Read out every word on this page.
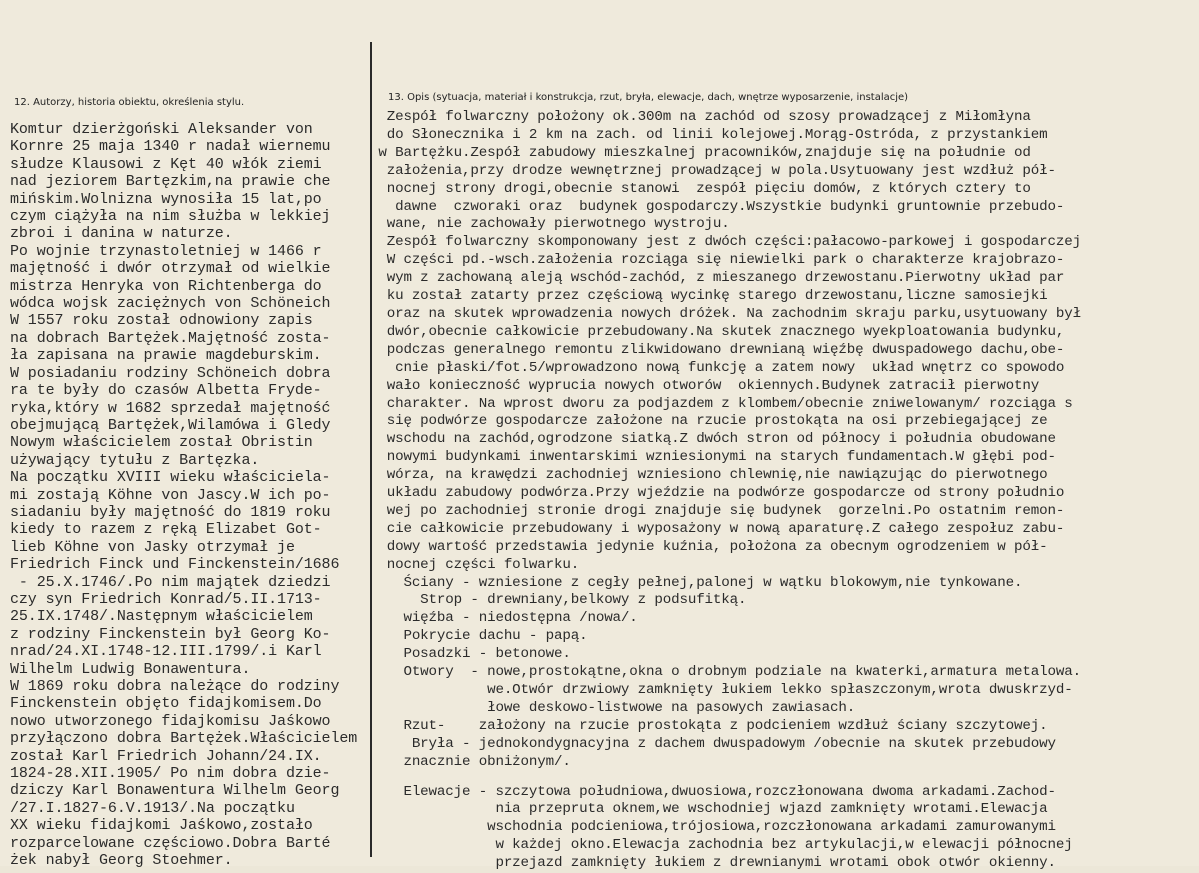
12. Autorzy, historia obiektu, określenia stylu.	13. Opis (sytuacja, materiał i konstrukcja, rzut, bryła, elewacje, dach, wnętrze wyposarzenie, instalacje)
Komtur dzierżgoński Aleksander von
Kornre 25 maja 1340 r nadał wiernemu
słudze Klausowi z Kęt 40 włók ziemi
nad jeziorem Bartęzkim,na prawie che
mińskim.Wolnizna wynosiła 15 lat,po
czym ciążyła na nim służba w lekkiej
zbroi i danina w naturze.
Po wojnie trzynastoletniej w 1466 r
majętność i dwór otrzymał od wielkie
mistrza Henryka von Richtenberga do
wódca wojsk zaciężnych von Schöneich
W 1557 roku został odnowiony zapis
na dobrach Bartężek.Majętność zosta-
ła zapisana na prawie magdeburskim.
W posiadaniu rodziny Schöneich dobra
ra te były do czasów Albetta Fryde-
ryka,który w 1682 sprzedał majętność
obejmującą Bartężek,Wilamówa i Gledy
Nowym właścicielem został Obristin
używający tytułu z Bartęzka.
Na początku XVIII wieku właściciela-
mi zostają Köhne von Jascy.W ich po-
siadaniu były majętność do 1819 roku
kiedy to razem z ręką Elizabet Got-
lieb Köhne von Jasky otrzymał je
Friedrich Finck und Finckenstein/1686
- 25.X.1746/.Po nim majątek dziedzi
czy syn Friedrich Konrad/5.II.1713-
25.IX.1748/.Następnym właścicielem
z rodziny Finckenstein był Georg Ko-
nrad/24.XI.1748-12.III.1799/.i Karl
Wilhelm Ludwig Bonawentura.
W 1869 roku dobra należące do rodziny
Finckenstein objęto fidajkomisem.Do
nowo utworzonego fidajkomisu Jaśkowo
przyłączono dobra Bartężek.Właścicielem
został Karl Friedrich Johann/24.IX.
1824-28.XII.1905/ Po nim dobra dzie-
dziczy Karl Bonawentura Wilhelm Georg
/27.I.1827-6.V.1913/.Na początku
XX wieku fidajkomi Jaśkowo,zostało
rozparcelowane częściowo.Dobra Barté
żek nabył Georg Stoehmer.
Zespół folwarczny położony ok.300m na zachód od szosy prowadzącej z Miłomłyna
do Słonecznika i 2 km na zach. od linii kolejowej.Morąg-Ostróda, z przystankiem
w Bartężku.Zespół zabudowy mieszkalnej pracowników,znajduje się na południe od
założenia,przy drodze wewnętrznej prowadzącej w pola.Usytuowany jest wzdłuż pół-
nocnej strony drogi,obecnie stanowi  zespół pięciu domów, z których cztery to
dawne  czworaki oraz  budynek gospodarczy.Wszystkie budynki gruntownie przebudo-
wane, nie zachowały pierwotnego wystroju.
Zespół folwarczny skomponowany jest z dwóch części:pałacowo-parkowej i gospodarczej
W części pd.-wsch.założenia rozciąga się niewielki park o charakterze krajobrazo-
wym z zachowaną aleją wschód-zachód, z mieszanego drzewostanu.Pierwotny układ par
ku został zatarty przez częściową wycinkę starego drzewostanu,liczne samosiejki
oraz na skutek wprowadzenia nowych dróżek. Na zachodnim skraju parku,usytuowany był
dwór,obecnie całkowicie przebudowany.Na skutek znacznego wyekploatowania budynku,
podczas generalnego remontu zlikwidowano drewnianą więźbę dwuspadowego dachu,obe-
cnie płaski/fot.5/wprowadzono nową funkcję a zatem nowy  układ wnętrz co spowodo
wało konieczność wyprucia nowych otworów  okiennych.Budynek zatracił pierwotny
charakter. Na wprost dworu za podjazdem z klombem/obecnie zniwelowanym/ rozciąga s
się podwórze gospodarcze założone na rzucie prostokąta na osi przebiegającej ze
wschodu na zachód,ogrodzone siatką.Z dwóch stron od północy i południa obudowane
nowymi budynkami inwentarskimi wzniesionymi na starych fundamentach.W głębi pod-
wórza, na krawędzi zachodniej wzniesiono chlewnię,nie nawiązując do pierwotnego
układu zabudowy podwórza.Przy wjeździe na podwórze gospodarcze od strony południo
wej po zachodniej stronie drogi znajduje się budynek  gorzelni.Po ostatnim remon-
cie całkowicie przebudowany i wyposażony w nową aparaturę.Z całego zespołuz zabu-
dowy wartość przedstawia jedynie kuźnia, położona za obecnym ogrodzeniem w pół-
nocnej części folwarku.
Ściany - wzniesione z cegły pełnej,palonej w wątku blokowym,nie tynkowane.
Strop - drewniany,belkowy z podsufitką.
więźba - niedostępna /nowa/.
Pokrycie dachu - papą.
Posadzki - betonowe.
Otwory  - nowe,prostokątne,okna o drobnym podziale na kwaterki,armatura metalowa.
we.Otwór drzwiowy zamknięty łukiem lekko spłaszczonym,wrota dwuskrzyd-
łowe deskowo-listwowe na pasowych zawiasach.
Rzut-    założony na rzucie prostokąta z podcieniem wzdłuż ściany szczytowej.
Bryła - jednokondygnacyjna z dachem dwuspadowym /obecnie na skutek przebudowy
znacznie obniżonym/.
Elewacje - szczytowa południowa,dwuosiowa,rozczłonowana dwoma arkadami.Zachod-
nia przepruta oknem,we wschodniej wjazd zamknięty wrotami.Elewacja
wschodnia podcieniowa,trójosiowa,rozczłonowana arkadami zamurowanymi
w każdej okno.Elewacja zachodnia bez artykulacji,w elewacji północnej
przejazd zamknięty łukiem z drewnianymi wrotami obok otwór okienny.
